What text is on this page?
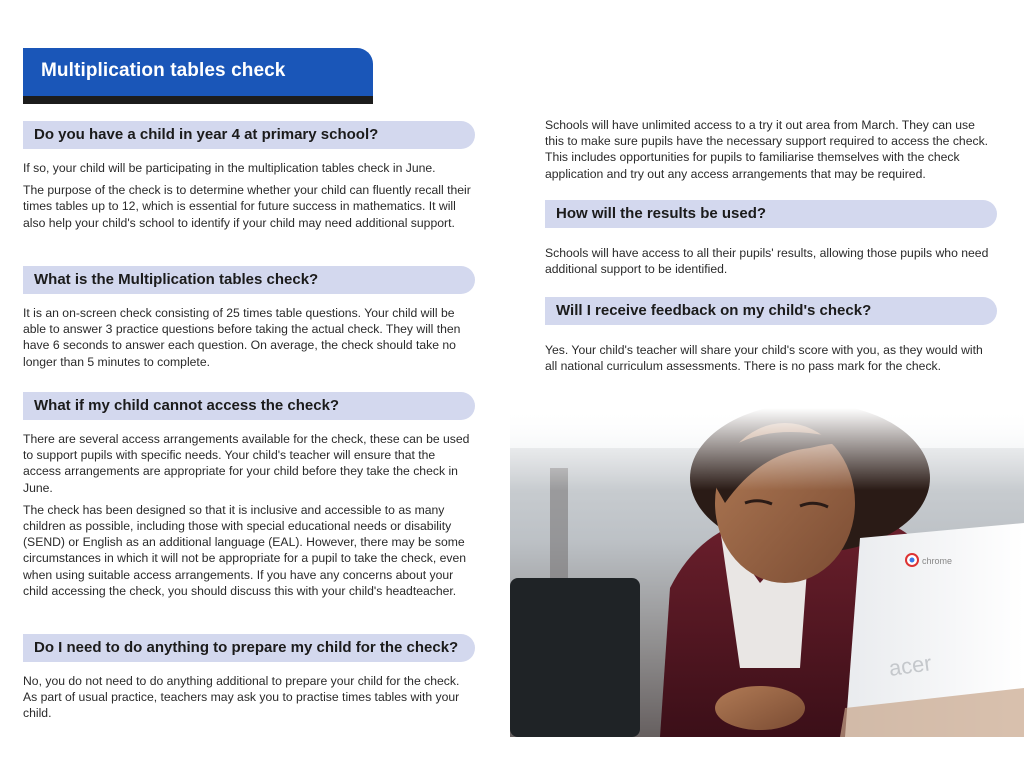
Multiplication tables check
Do you have a child in year 4 at primary school?

If so, your child will be participating in the multiplication tables check in June.

The purpose of the check is to determine whether your child can fluently recall their times tables up to 12, which is essential for future success in mathematics. It will also help your child's school to identify if your child may need additional support.

What is the Multiplication tables check?

It is an on-screen check consisting of 25 times table questions. Your child will be able to answer 3 practice questions before taking the actual check. They will then have 6 seconds to answer each question. On average, the check should take no longer than 5 minutes to complete.

What if my child cannot access the check?

There are several access arrangements available for the check, these can be used to support pupils with specific needs. Your child's teacher will ensure that the access arrangements are appropriate for your child before they take the check in June.

The check has been designed so that it is inclusive and accessible to as many children as possible, including those with special educational needs or disability (SEND) or English as an additional language (EAL). However, there may be some circumstances in which it will not be appropriate for a pupil to take the check, even when using suitable access arrangements. If you have any concerns about your child accessing the check, you should discuss this with your child's headteacher.

Do I need to do anything to prepare my child for the check?

No, you do not need to do anything additional to prepare your child for the check. As part of usual practice, teachers may ask you to practise times tables with your child.

Schools will have unlimited access to a try it out area from March. They can use this to make sure pupils have the necessary support required to access the check. This includes opportunities for pupils to familiarise themselves with the check application and try out any access arrangements that may be required.

How will the results be used?

Schools will have access to all their pupils' results, allowing those pupils who need additional support to be identified.

Will I receive feedback on my child's check?

Yes. Your child's teacher will share your child's score with you, as they would with all national curriculum assessments. There is no pass mark for the check.
